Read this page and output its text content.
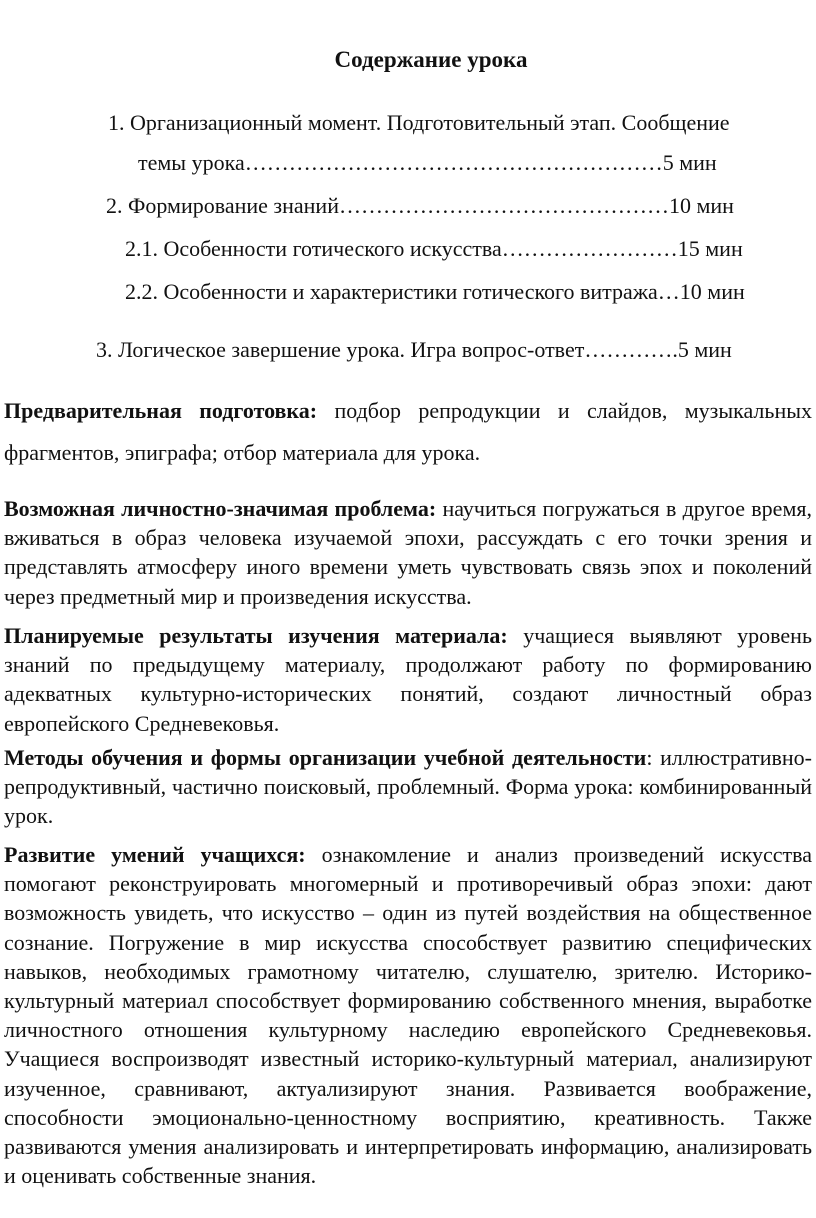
Содержание урока
1. Организационный момент. Подготовительный этап. Сообщение
темы урока…………………………………………………5 мин
2. Формирование знаний………………………………………10 мин
2.1. Особенности готического искусства……………………15 мин
2.2. Особенности и характеристики готического витража…10 мин
3. Логическое завершение урока. Игра вопрос-ответ………….5 мин
Предварительная подготовка: подбор репродукции и слайдов, музыкальных фрагментов, эпиграфа; отбор материала для урока.
Возможная личностно-значимая проблема: научиться погружаться в другое время, вживаться в образ человека изучаемой эпохи, рассуждать с его точки зрения и представлять атмосферу иного времени уметь чувствовать связь эпох и поколений через предметный мир и произведения искусства.
Планируемые результаты изучения материала: учащиеся выявляют уровень знаний по предыдущему материалу, продолжают работу по формированию адекватных культурно-исторических понятий, создают личностный образ европейского Средневековья.
Методы обучения и формы организации учебной деятельности: иллюстративно-репродуктивный, частично поисковый, проблемный. Форма урока: комбинированный урок.
Развитие умений учащихся: ознакомление и анализ произведений искусства помогают реконструировать многомерный и противоречивый образ эпохи: дают возможность увидеть, что искусство – один из путей воздействия на общественное сознание. Погружение в мир искусства способствует развитию специфических навыков, необходимых грамотному читателю, слушателю, зрителю. Историко-культурный материал способствует формированию собственного мнения, выработке личностного отношения культурному наследию европейского Средневековья. Учащиеся воспроизводят известный историко-культурный материал, анализируют изученное, сравнивают, актуализируют знания. Развивается воображение, способности эмоционально-ценностному восприятию, креативность. Также развиваются умения анализировать и интерпретировать информацию, анализировать и оценивать собственные знания.
